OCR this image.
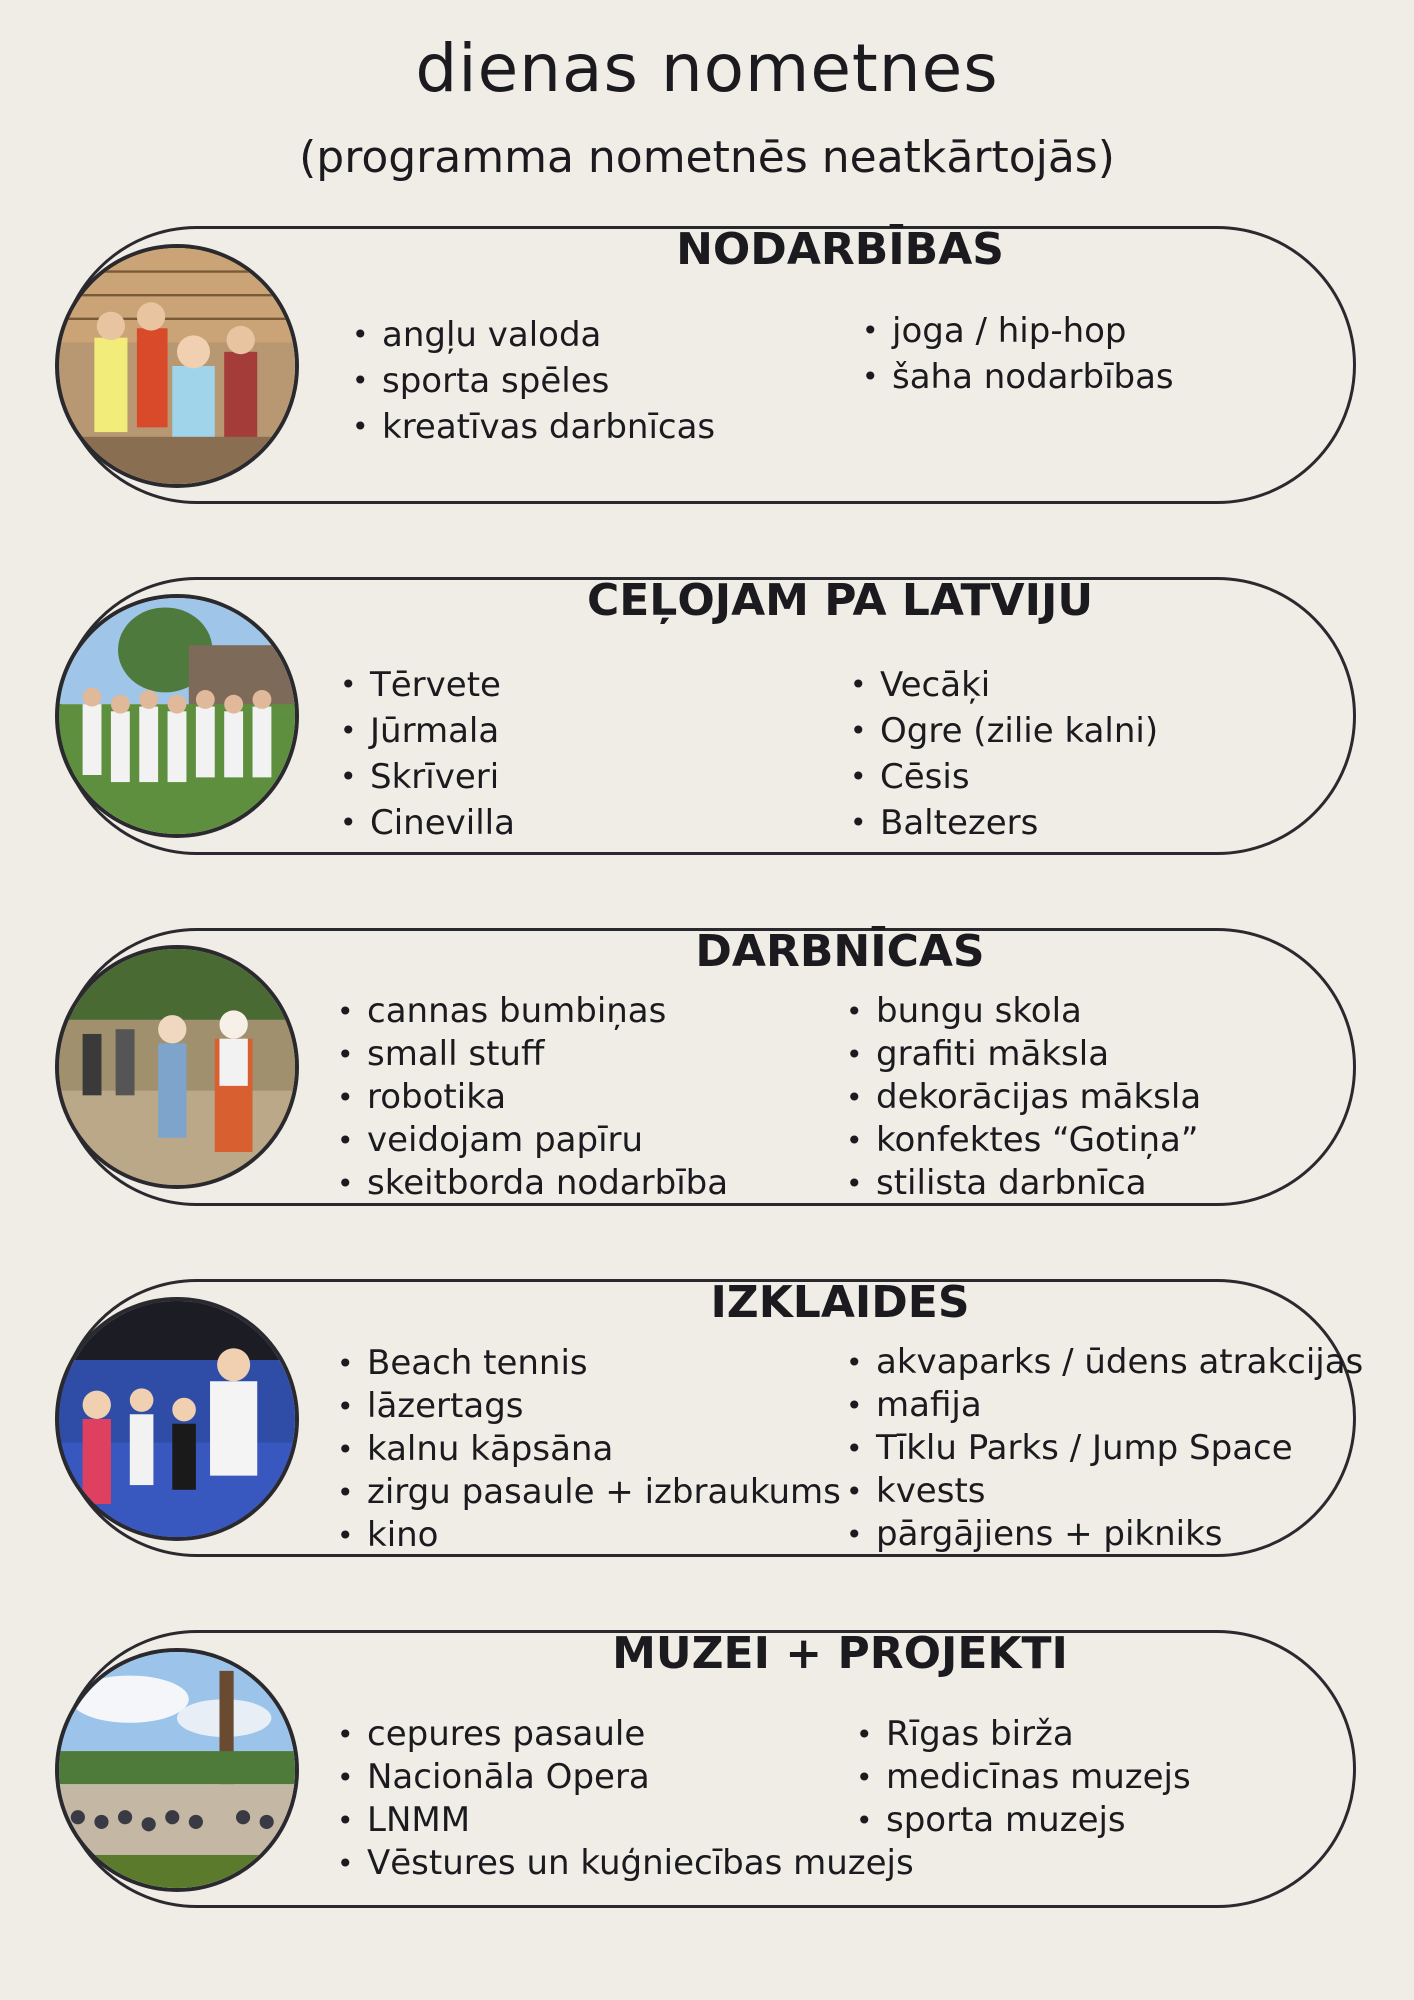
dienas nometnes
(programma nometnēs neatkārtojās)
NODARBĪBAS
• angļu valoda
• sporta spēles
• kreatīvas darbnīcas
• joga / hip-hop
• šaha nodarbības
CEĻOJAM PA LATVIJU
• Tērvete
• Jūrmala
• Skrīveri
• Cinevilla
• Vecāķi
• Ogre (zilie kalni)
• Cēsis
• Baltezers
DARBNĪCAS
• cannas bumbiņas
• small stuff
• robotika
• veidojam papīru
• skeitborda nodarbība
• bungu skola
• grafiti māksla
• dekorācijas māksla
• konfektes “Gotiņa”
• stilista darbnīca
IZKLAIDES
• Beach tennis
• lāzertags
• kalnu kāpsāna
• zirgu pasaule + izbraukums
• kino
• akvaparks / ūdens atrakcijas
• mafija
• Tīklu Parks / Jump Space
• kvests
• pārgājiens + pikniks
MUZEI + PROJEKTI
• cepures pasaule
• Nacionāla Opera
• LNMM
• Vēstures un kuģniecības muzejs
• Rīgas birža
• medicīnas muzejs
• sporta muzejs
